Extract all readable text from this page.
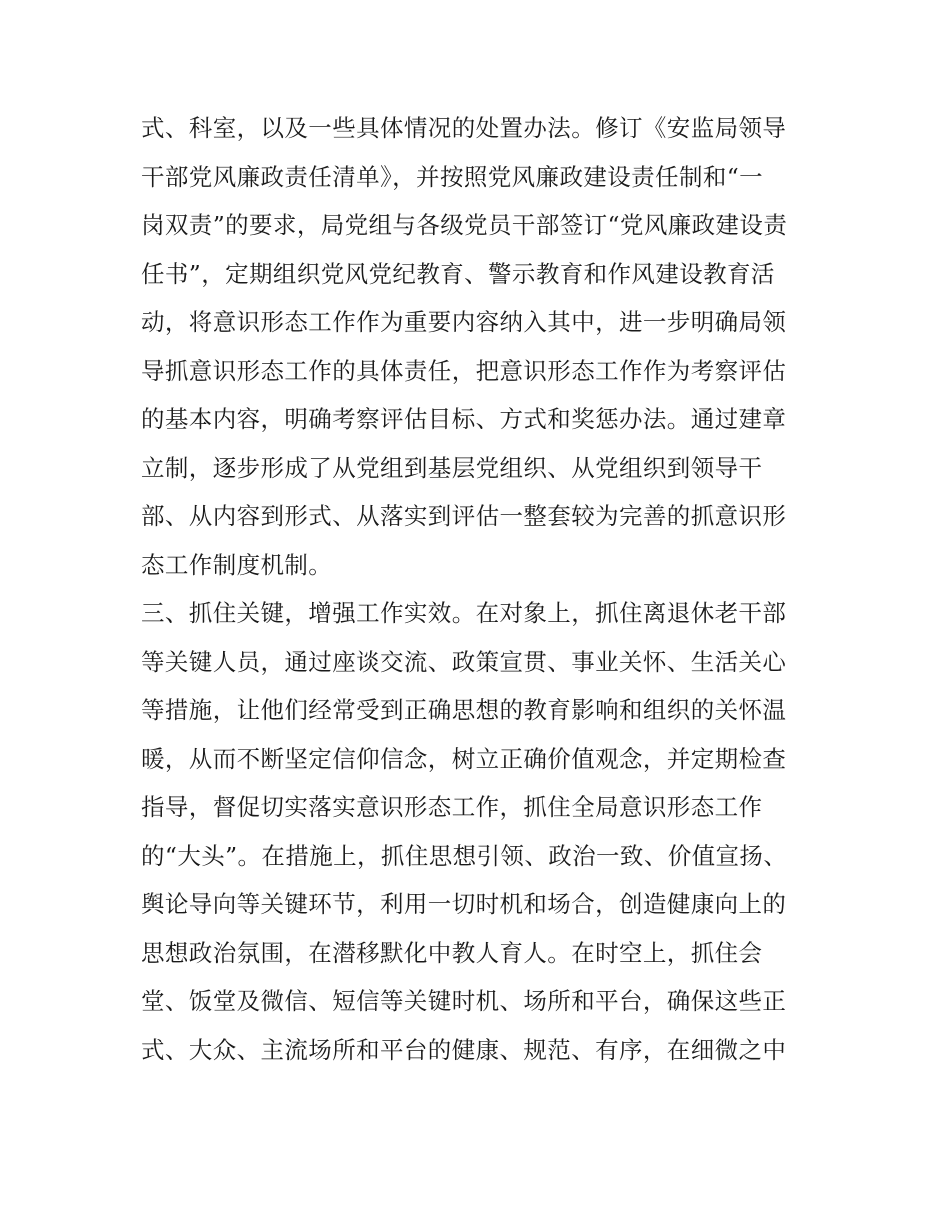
式、科室，以及一些具体情况的处置办法。修订《安监局领导
干部党风廉政责任清单》，并按照党风廉政建设责任制和“一
岗双责”的要求，局党组与各级党员干部签订“党风廉政建设责
任书”，定期组织党风党纪教育、警示教育和作风建设教育活
动，将意识形态工作作为重要内容纳入其中，进一步明确局领
导抓意识形态工作的具体责任，把意识形态工作作为考察评估
的基本内容，明确考察评估目标、方式和奖惩办法。通过建章
立制，逐步形成了从党组到基层党组织、从党组织到领导干
部、从内容到形式、从落实到评估一整套较为完善的抓意识形
态工作制度机制。
三、抓住关键，增强工作实效。在对象上，抓住离退休老干部
等关键人员，通过座谈交流、政策宣贯、事业关怀、生活关心
等措施，让他们经常受到正确思想的教育影响和组织的关怀温
暖，从而不断坚定信仰信念，树立正确价值观念，并定期检查
指导，督促切实落实意识形态工作，抓住全局意识形态工作
的“大头”。在措施上，抓住思想引领、政治一致、价值宣扬、
舆论导向等关键环节，利用一切时机和场合，创造健康向上的
思想政治氛围，在潜移默化中教人育人。在时空上，抓住会
堂、饭堂及微信、短信等关键时机、场所和平台，确保这些正
式、大众、主流场所和平台的健康、规范、有序，在细微之中
